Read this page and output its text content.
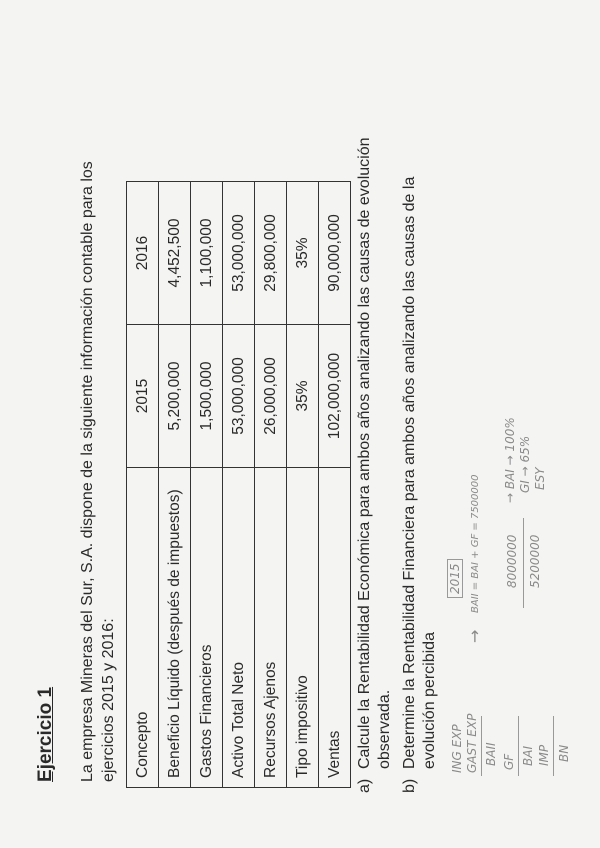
Ejercicio 1 La empresa Mineras del Sur, S.A. dispone de la siguiente información contable para los ejercicios 2015 y 2016: Concepto	2015	2016
Beneficio Líquido (después de impuestos)	5,200,000	4,452,500
Gastos Financieros	1,500,000	1,100,000
Activo Total Neto	53,000,000	53,000,000
Recursos Ajenos	26,000,000	29,800,000
Tipo impositivo	35%	35%
Ventas	102,000,000	90,000,000
a)Calcule la Rentabilidad Económica para ambos años analizando las causas de evolución observada.
b)Determine la Rentabilidad Financiera para ambos años analizando las causas de la evolución percibida ING EXP GAST EXP BAII GF BAI IMP BN
→
2015 BAII = BAI + GF = 7500000 8000000 5200000
→ BAI → 100% GI → 65% ESY
